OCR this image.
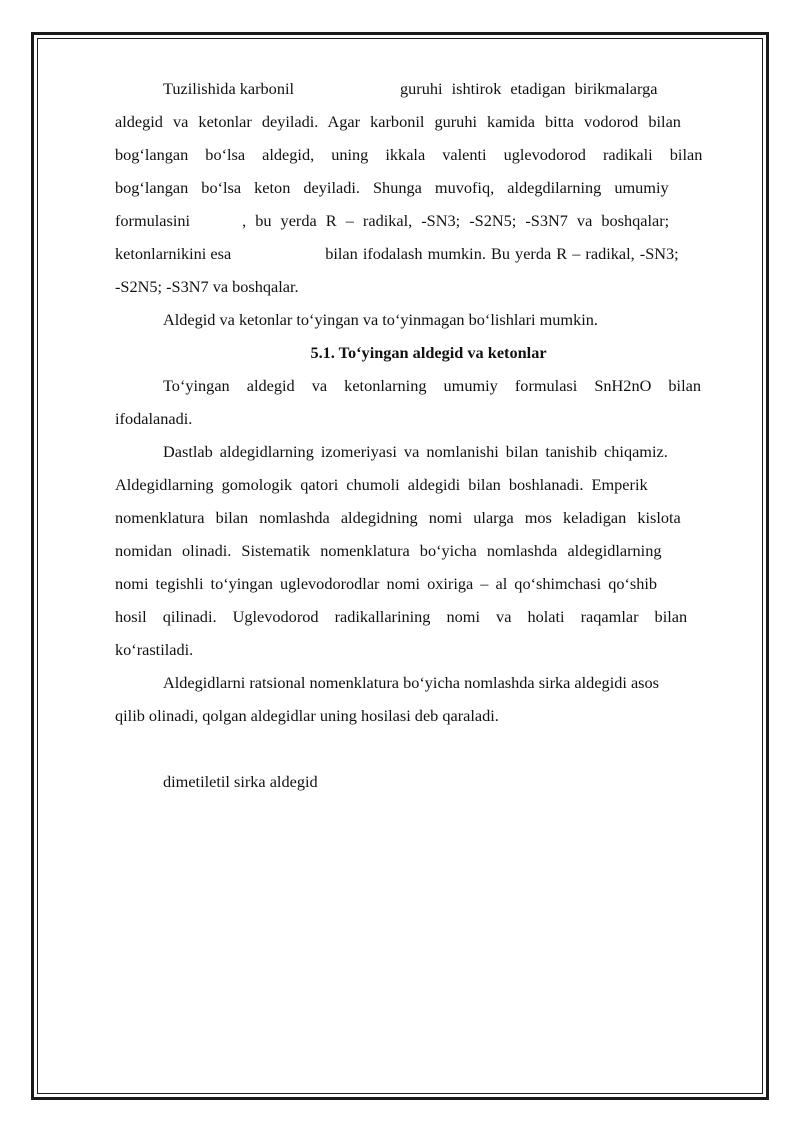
Tuzilishida karbonil	guruhi ishtirok etadigan birikmalarga
aldegid va ketonlar deyiladi. Agar karbonil guruhi kamida bitta vodorod bilan
bog‘langan bo‘lsa aldegid, uning ikkala valenti uglevodorod radikali bilan
bog‘langan bo‘lsa keton deyiladi. Shunga muvofiq, aldegdilarning umumiy
formulasini	, bu yerda R – radikal, -SN3; -S2N5; -S3N7 va boshqalar;
ketonlarnikini esa	bilan ifodalash mumkin. Bu yerda R – radikal, -SN3;
-S2N5; -S3N7 va boshqalar.
Aldegid va ketonlar to‘yingan va to‘yinmagan bo‘lishlari mumkin.
5.1. To‘yingan aldegid va ketonlar
To‘yingan aldegid va ketonlarning umumiy formulasi SnH2nO bilan
ifodalanadi.
Dastlab aldegidlarning izomeriyasi va nomlanishi bilan tanishib chiqamiz.
Aldegidlarning gomologik qatori chumoli aldegidi bilan boshlanadi. Emperik
nomenklatura bilan nomlashda aldegidning nomi ularga mos keladigan kislota
nomidan olinadi. Sistematik nomenklatura bo‘yicha nomlashda aldegidlarning
nomi tegishli to‘yingan uglevodorodlar nomi oxiriga – al qo‘shimchasi qo‘shib
hosil qilinadi. Uglevodorod radikallarining nomi va holati raqamlar bilan
ko‘rastiladi.
Aldegidlarni ratsional nomenklatura bo‘yicha nomlashda sirka aldegidi asos
qilib olinadi, qolgan aldegidlar uning hosilasi deb qaraladi.
dimetiletil sirka aldegid
